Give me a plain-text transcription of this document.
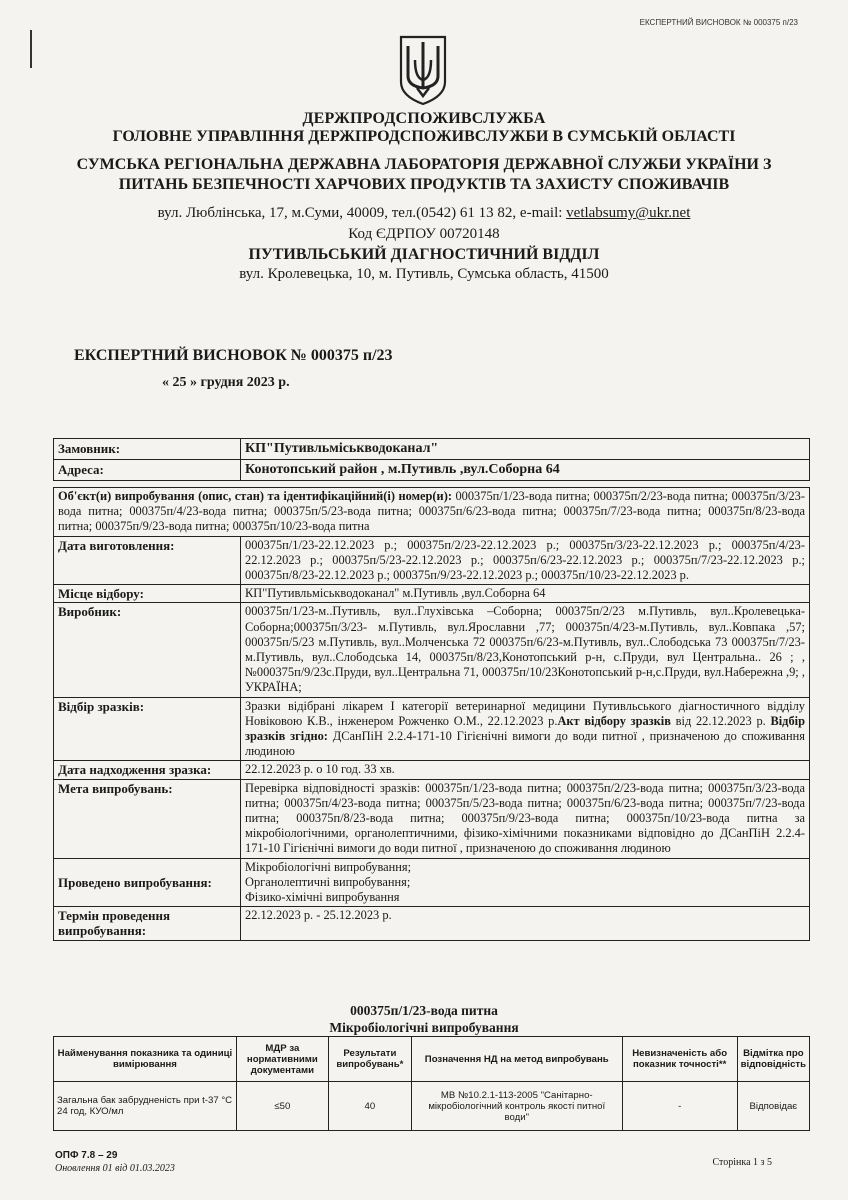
ЕКСПЕРТНИЙ ВИСНОВОК № 000375 п/23
ДЕРЖПРОДСПОЖИВСЛУЖБА
ГОЛОВНЕ УПРАВЛІННЯ ДЕРЖПРОДСПОЖИВСЛУЖБИ В СУМСЬКІЙ ОБЛАСТІ
СУМСЬКА РЕГІОНАЛЬНА ДЕРЖАВНА ЛАБОРАТОРІЯ ДЕРЖАВНОЇ СЛУЖБИ УКРАЇНИ З
ПИТАНЬ БЕЗПЕЧНОСТІ ХАРЧОВИХ ПРОДУКТІВ ТА ЗАХИСТУ СПОЖИВАЧІВ
вул. Люблінська, 17, м.Суми, 40009, тел.(0542) 61 13 82, e-mail: vetlabsumy@ukr.net
Код ЄДРПОУ 00720148
ПУТИВЛЬСЬКИЙ ДІАГНОСТИЧНИЙ ВІДДІЛ
вул. Кролевецька, 10, м. Путивль, Сумська область, 41500
ЕКСПЕРТНИЙ ВИСНОВОК № 000375 п/23
« 25 » грудня 2023 р.
Замовник:	КП"Путивльміськводоканал"
Адреса:	Конотопський район , м.Путивль ,вул.Соборна 64
Об'єкт(и) випробування (опис, стан) та ідентифікаційний(і) номер(и): 000375п/1/23-вода питна; 000375п/2/23-вода питна; 000375п/3/23-вода питна; 000375п/4/23-вода питна; 000375п/5/23-вода питна; 000375п/6/23-вода питна; 000375п/7/23-вода питна; 000375п/8/23-вода питна; 000375п/9/23-вода питна; 000375п/10/23-вода питна	
Дата виготовлення:	000375п/1/23-22.12.2023 р.; 000375п/2/23-22.12.2023 р.; 000375п/3/23-22.12.2023 р.; 000375п/4/23-22.12.2023 р.; 000375п/5/23-22.12.2023 р.; 000375п/6/23-22.12.2023 р.; 000375п/7/23-22.12.2023 р.; 000375п/8/23-22.12.2023 р.; 000375п/9/23-22.12.2023 р.; 000375п/10/23-22.12.2023 р.
Місце відбору:	КП"Путивльміськводоканал" м.Путивль ,вул.Соборна 64
Виробник:	000375п/1/23-м..Путивль, вул..Глухівська –Соборна; 000375п/2/23 м.Путивль, вул..Кролевецька-Соборна;000375п/3/23- м.Путивль, вул.Ярославни ,77; 000375п/4/23-м.Путивль, вул..Ковпака ,57; 000375п/5/23 м.Путивль, вул..Молченська 72 000375п/6/23-м.Путивль, вул..Слободська 73 000375п/7/23- м.Путивль, вул..Слобoдська 14, 000375п/8/23,Конотопський р-н, с.Пруди, вул Центральна.. 26 ; ,№000375п/9/23с.Пруди, вул..Центральна 71, 000375п/10/23Конотопський р-н,с.Пруди, вул.Набережна ,9; , УКРАЇНА;
Відбір зразків:	Зразки відібрані лікарем І категорії ветеринарної медицини Путивльського діагностичного відділу Новіковою К.В., інженером Рожченко О.М., 22.12.2023 р.Акт відбору зразків від 22.12.2023 р. Відбір зразків згідно: ДСанПіН 2.2.4-171-10 Гігієнічні вимоги до води питної , призначеною до споживання людиною
Дата надходження зразка:	22.12.2023 р. о 10 год. 33 хв.
Мета випробувань:	Перевірка відповідності зразків: 000375п/1/23-вода питна; 000375п/2/23-вода питна; 000375п/3/23-вода питна; 000375п/4/23-вода питна; 000375п/5/23-вода питна; 000375п/6/23-вода питна; 000375п/7/23-вода питна; 000375п/8/23-вода питна; 000375п/9/23-вода питна; 000375п/10/23-вода питна за мікробіологічними, органолептичними, фізико-хімічними показниками відповідно до ДСанПіН 2.2.4-171-10 Гігієнічні вимоги до води питної , призначеною до споживання людиною
Проведено випробування:	Мікробіологічні випробування;
Органолептичні випробування;
Фізико-хімічні випробування

Термін проведення випробування:	22.12.2023 р. - 25.12.2023 р.
000375п/1/23-вода питна
Мікробіологічні випробування
Найменування показника та одиниці вимірювання	МДР за нормативними документами	Результати випробувань*	Позначення НД на метод випробувань	Невизначеність або показник точності**	Відмітка про відповідність
Загальна бак забрудненість при t-37 °С 24 год, КУО/мл	≤50	40	МВ №10.2.1-113-2005 "Санітарно-мікробіологічний контроль якості питної води"	-	Відповідає
ОПФ 7.8 – 29
Оновлення 01 від 01.03.2023
Сторінка 1 з 5
